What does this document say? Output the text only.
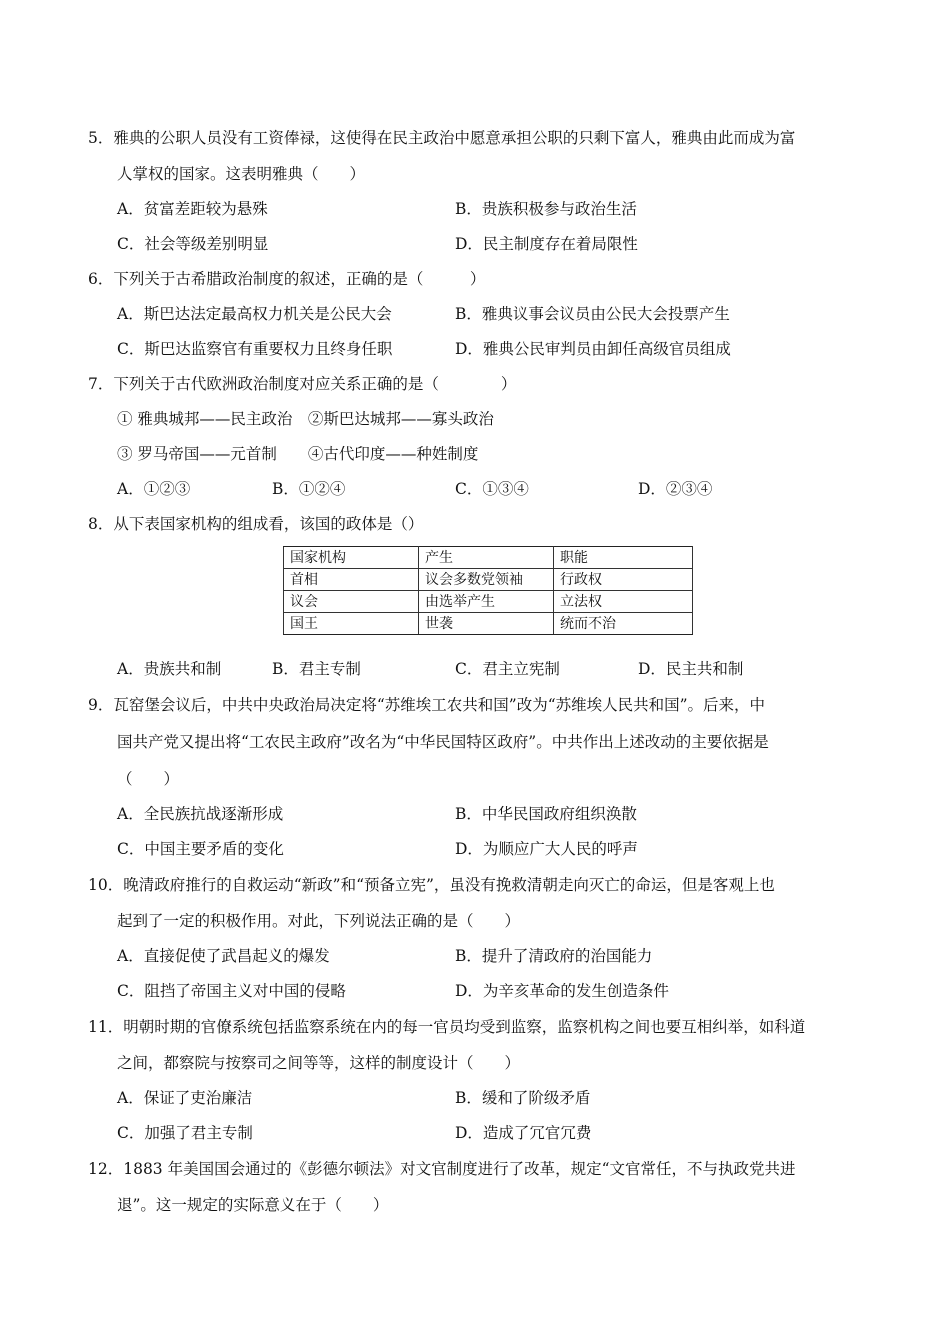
5．雅典的公职人员没有工资俸禄，这使得在民主政治中愿意承担公职的只剩下富人，雅典由此而成为富
人掌权的国家。这表明雅典（　　）
A．贫富差距较为悬殊	B．贵族积极参与政治生活
C．社会等级差别明显	D．民主制度存在着局限性
6．下列关于古希腊政治制度的叙述，正确的是（　　　）
A．斯巴达法定最高权力机关是公民大会	B．雅典议事会议员由公民大会投票产生
C．斯巴达监察官有重要权力且终身任职	D．雅典公民审判员由卸任高级官员组成
7．下列关于古代欧洲政治制度对应关系正确的是（　　　　）
① 雅典城邦——民主政治　②斯巴达城邦——寡头政治
③ 罗马帝国——元首制　　④古代印度——种姓制度
A．①②③	B．①②④	C．①③④	D．②③④
8．从下表国家机构的组成看，该国的政体是（）
国家机构	产生	职能
首相	议会多数党领袖	行政权
议会	由选举产生	立法权
国王	世袭	统而不治
A．贵族共和制	B．君主专制	C．君主立宪制	D．民主共和制
9．瓦窑堡会议后，中共中央政治局决定将“苏维埃工农共和国”改为“苏维埃人民共和国”。后来，中
国共产党又提出将“工农民主政府”改名为“中华民国特区政府”。中共作出上述改动的主要依据是
（　　）
A．全民族抗战逐渐形成	B．中华民国政府组织涣散
C．中国主要矛盾的变化	D．为顺应广大人民的呼声
10．晚清政府推行的自救运动“新政”和“预备立宪”，虽没有挽救清朝走向灭亡的命运，但是客观上也
起到了一定的积极作用。对此，下列说法正确的是（　　）
A．直接促使了武昌起义的爆发	B．提升了清政府的治国能力
C．阻挡了帝国主义对中国的侵略	D．为辛亥革命的发生创造条件
11．明朝时期的官僚系统包括监察系统在内的每一官员均受到监察，监察机构之间也要互相纠举，如科道
之间，都察院与按察司之间等等，这样的制度设计（　　）
A．保证了吏治廉洁	B．缓和了阶级矛盾
C．加强了君主专制	D．造成了冗官冗费
12．1883 年美国国会通过的《彭德尔顿法》对文官制度进行了改革，规定“文官常任，不与执政党共进
退”。这一规定的实际意义在于（　　）
